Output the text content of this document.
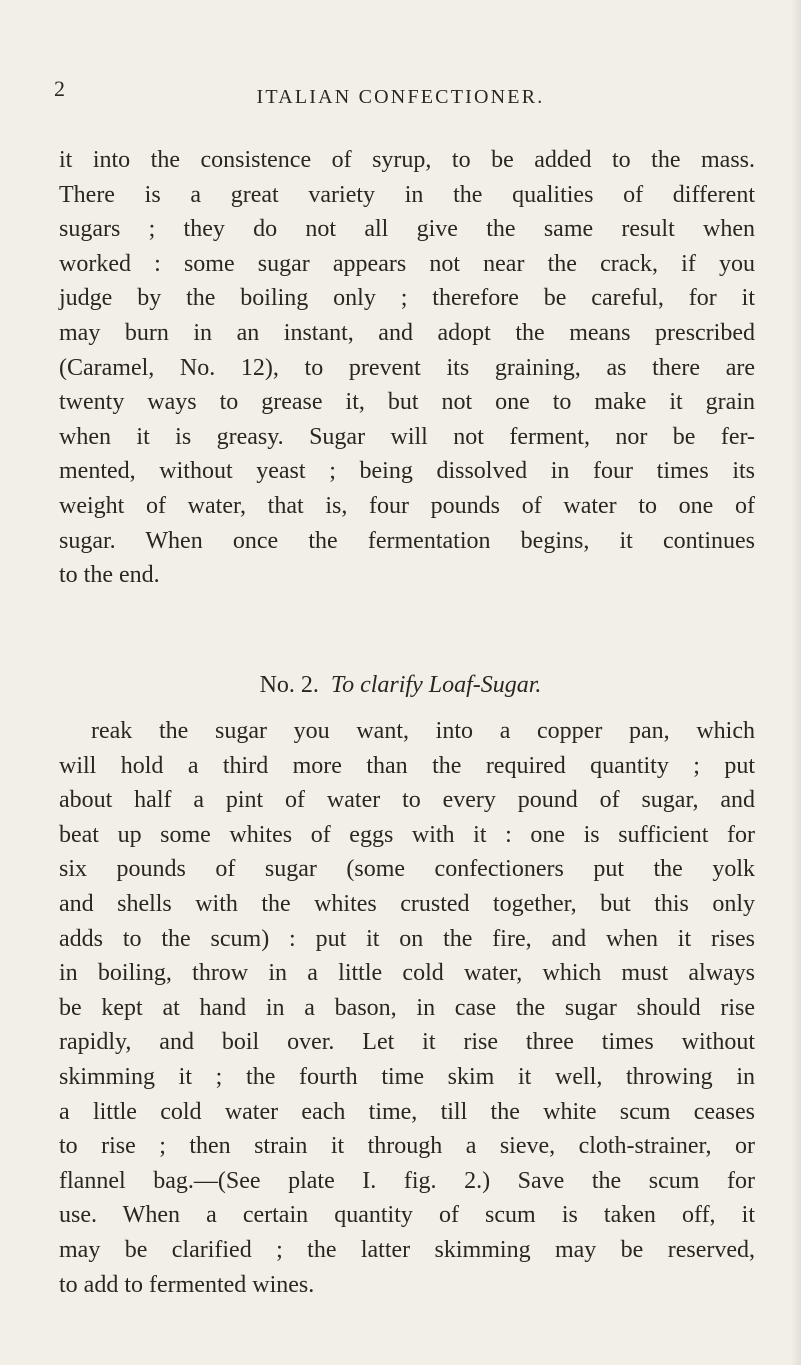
2	ITALIAN CONFECTIONER.
it into the consistence of syrup, to be added to the mass.
There is a great variety in the qualities of different
sugars ; they do not all give the same result when
worked : some sugar appears not near the crack, if you
judge by the boiling only ; therefore be careful, for it
may burn in an instant, and adopt the means prescribed
(Caramel, No. 12), to prevent its graining, as there are
twenty ways to grease it, but not one to make it grain
when it is greasy. Sugar will not ferment, nor be fer-
mented, without yeast ; being dissolved in four times its
weight of water, that is, four pounds of water to one of
sugar. When once the fermentation begins, it continues
to the end.
No. 2. To clarify Loaf-Sugar.
reak the sugar you want, into a copper pan, which
will hold a third more than the required quantity ; put
about half a pint of water to every pound of sugar, and
beat up some whites of eggs with it : one is sufficient for
six pounds of sugar (some confectioners put the yolk
and shells with the whites crusted together, but this only
adds to the scum) : put it on the fire, and when it rises
in boiling, throw in a little cold water, which must always
be kept at hand in a bason, in case the sugar should rise
rapidly, and boil over. Let it rise three times without
skimming it ; the fourth time skim it well, throwing in
a little cold water each time, till the white scum ceases
to rise ; then strain it through a sieve, cloth-strainer, or
flannel bag.—(See plate I. fig. 2.) Save the scum for
use. When a certain quantity of scum is taken off, it
may be clarified ; the latter skimming may be reserved,
to add to fermented wines.
